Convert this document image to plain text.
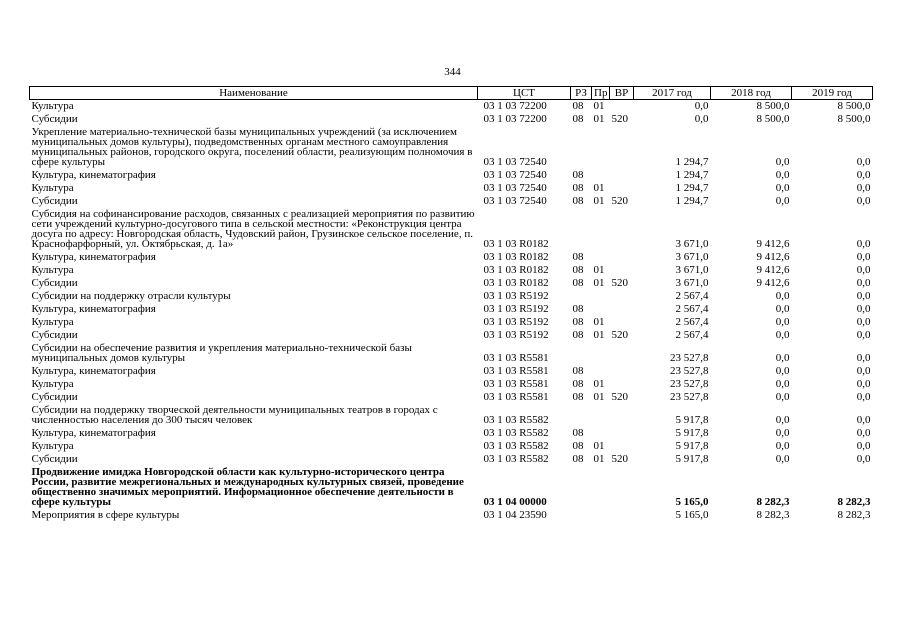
344
Наименование	ЦСТ	РЗ	Пр	ВР	2017 год	2018 год	2019 год
Культура	03 1 03 72200	08	01		0,0	8 500,0	8 500,0
Субсидии	03 1 03 72200	08	01	520	0,0	8 500,0	8 500,0
Укрепление материально-технической базы муниципальных учреждений (за исключением муниципальных домов культуры), подведомственных органам местного самоуправления муниципальных районов, городского округа, поселений области, реализующим полномочия в сфере культуры	03 1 03 72540				1 294,7	0,0	0,0
Культура, кинематография	03 1 03 72540	08			1 294,7	0,0	0,0
Культура	03 1 03 72540	08	01		1 294,7	0,0	0,0
Субсидии	03 1 03 72540	08	01	520	1 294,7	0,0	0,0
Субсидия на софинансирование расходов, связанных с реализацией мероприятия по развитию сети учреждений культурно-досугового типа в сельской местности: «Реконструкция центра досуга по адресу: Новгородская область, Чудовский район, Грузинское сельское поселение, п. Краснофарфорный, ул. Октябрьская, д. 1а»	03 1 03 R0182				3 671,0	9 412,6	0,0
Культура, кинематография	03 1 03 R0182	08			3 671,0	9 412,6	0,0
Культура	03 1 03 R0182	08	01		3 671,0	9 412,6	0,0
Субсидии	03 1 03 R0182	08	01	520	3 671,0	9 412,6	0,0
Субсидии на поддержку отрасли культуры	03 1 03 R5192				2 567,4	0,0	0,0
Культура, кинематография	03 1 03 R5192	08			2 567,4	0,0	0,0
Культура	03 1 03 R5192	08	01		2 567,4	0,0	0,0
Субсидии	03 1 03 R5192	08	01	520	2 567,4	0,0	0,0
Субсидии на обеспечение развития и укрепления материально-технической базы муниципальных домов культуры	03 1 03 R5581				23 527,8	0,0	0,0
Культура, кинематография	03 1 03 R5581	08			23 527,8	0,0	0,0
Культура	03 1 03 R5581	08	01		23 527,8	0,0	0,0
Субсидии	03 1 03 R5581	08	01	520	23 527,8	0,0	0,0
Субсидии на поддержку творческой деятельности муниципальных театров в городах с численностью населения до 300 тысяч человек	03 1 03 R5582				5 917,8	0,0	0,0
Культура, кинематография	03 1 03 R5582	08			5 917,8	0,0	0,0
Культура	03 1 03 R5582	08	01		5 917,8	0,0	0,0
Субсидии	03 1 03 R5582	08	01	520	5 917,8	0,0	0,0
Продвижение имиджа Новгородской области как культурно-исторического центра России, развитие межрегиональных и международных культурных связей, проведение общественно значимых мероприятий. Информационное обеспечение деятельности в сфере культуры	03 1 04 00000				5 165,0	8 282,3	8 282,3
Мероприятия в сфере культуры	03 1 04 23590				5 165,0	8 282,3	8 282,3
